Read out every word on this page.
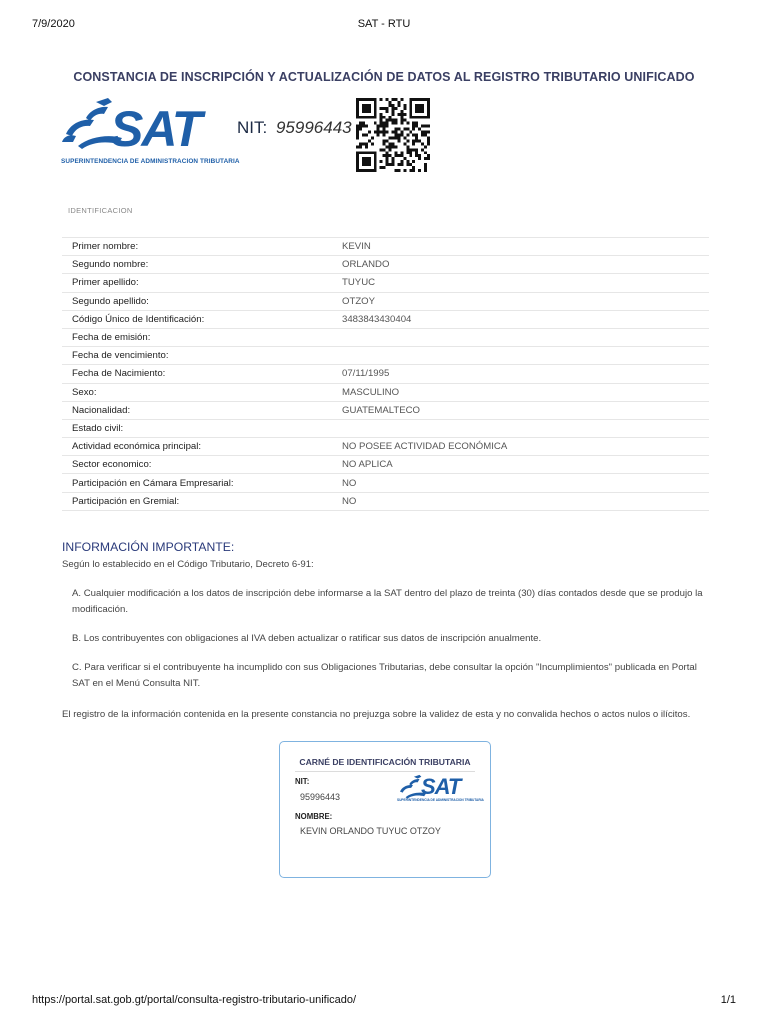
7/9/2020	SAT - RTU
CONSTANCIA DE INSCRIPCIÓN Y ACTUALIZACIÓN DE DATOS AL REGISTRO TRIBUTARIO UNIFICADO
SAT
SUPERINTENDENCIA DE ADMINISTRACION TRIBUTARIA
NIT: 95996443
IDENTIFICACION
Primer nombre:	KEVIN
Segundo nombre:	ORLANDO
Primer apellido:	TUYUC
Segundo apellido:	OTZOY
Código Único de Identificación:	3483843430404
Fecha de emisión:	
Fecha de vencimiento:	
Fecha de Nacimiento:	07/11/1995
Sexo:	MASCULINO
Nacionalidad:	GUATEMALTECO
Estado civil:	
Actividad económica principal:	NO POSEE ACTIVIDAD ECONÓMICA
Sector economico:	NO APLICA
Participación en Cámara Empresarial:	NO
Participación en Gremial:	NO
INFORMACIÓN IMPORTANTE:
Según lo establecido en el Código Tributario, Decreto 6-91:
A. Cualquier modificación a los datos de inscripción debe informarse a la SAT dentro del plazo de treinta (30) días contados desde que se produjo la modificación.
B. Los contribuyentes con obligaciones al IVA deben actualizar o ratificar sus datos de inscripción anualmente.
C. Para verificar si el contribuyente ha incumplido con sus Obligaciones Tributarias, debe consultar la opción "Incumplimientos" publicada en Portal SAT en el Menú Consulta NIT.
El registro de la información contenida en la presente constancia no prejuzga sobre la validez de esta y no convalida hechos o actos nulos o ilícitos.
CARNÉ DE IDENTIFICACIÓN TRIBUTARIA
NIT:
95996443	SAT
SUPERINTENDENCIA DE ADMINISTRACION TRIBUTARIA
NOMBRE:
KEVIN ORLANDO TUYUC OTZOY
https://portal.sat.gob.gt/portal/consulta-registro-tributario-unificado/	1/1
